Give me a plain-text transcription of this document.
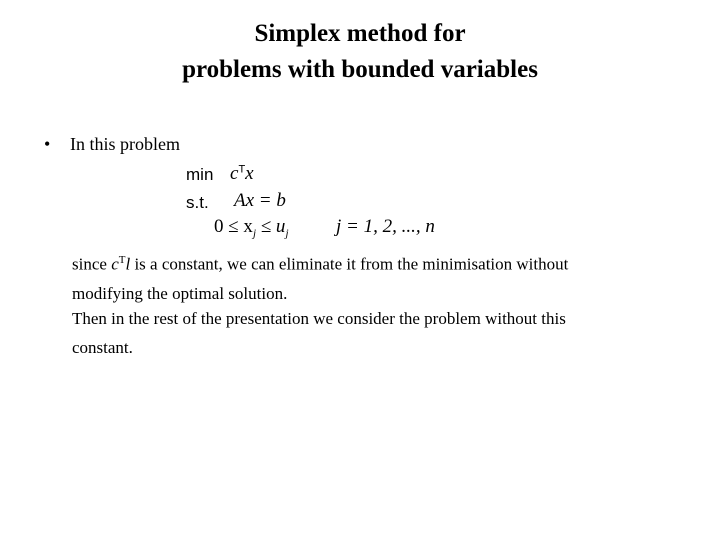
Simplex method for
problems with bounded variables
• In this problem
$\min c^Tx$
s.t. Ax = b
$0 \le x_j \le u_j$	j = 1, 2, ..., n
since $c^Tl$ is a constant, we can eliminate it from the minimisation without
modifying the optimal solution.
Then in the rest of the presentation we consider the problem without this
constant.
